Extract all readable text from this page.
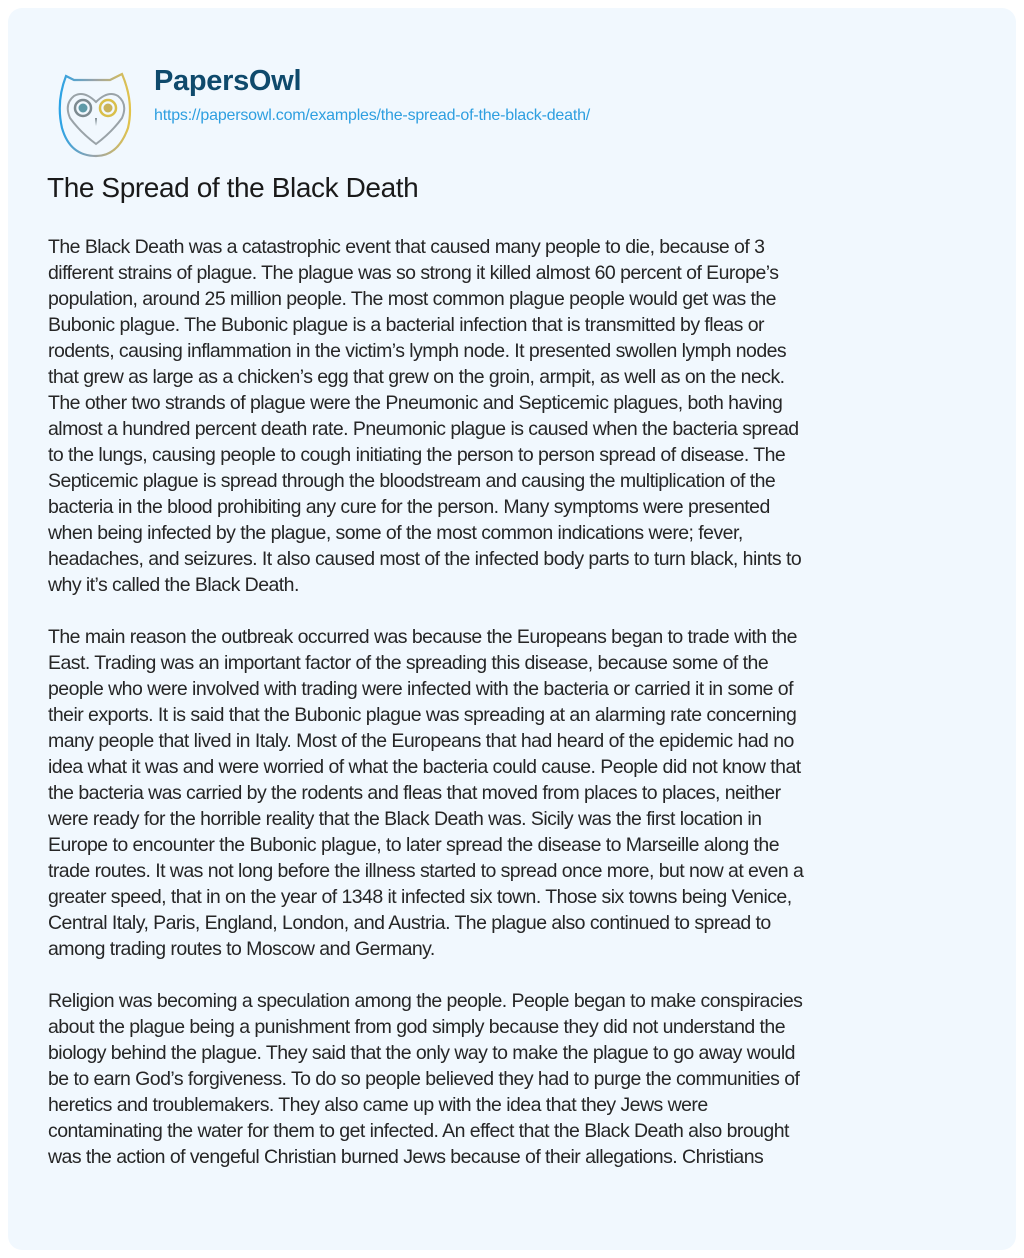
PapersOwl
https://papersowl.com/examples/the-spread-of-the-black-death/
The Spread of the Black Death

The Black Death was a catastrophic event that caused many people to die, because of 3
different strains of plague. The plague was so strong it killed almost 60 percent of Europe’s
population, around 25 million people. The most common plague people would get was the
Bubonic plague. The Bubonic plague is a bacterial infection that is transmitted by fleas or
rodents, causing inflammation in the victim’s lymph node. It presented swollen lymph nodes
that grew as large as a chicken’s egg that grew on the groin, armpit, as well as on the neck.
The other two strands of plague were the Pneumonic and Septicemic plagues, both having
almost a hundred percent death rate. Pneumonic plague is caused when the bacteria spread
to the lungs, causing people to cough initiating the person to person spread of disease. The
Septicemic plague is spread through the bloodstream and causing the multiplication of the
bacteria in the blood prohibiting any cure for the person. Many symptoms were presented
when being infected by the plague, some of the most common indications were; fever,
headaches, and seizures. It also caused most of the infected body parts to turn black, hints to
why it’s called the Black Death.

The main reason the outbreak occurred was because the Europeans began to trade with the
East. Trading was an important factor of the spreading this disease, because some of the
people who were involved with trading were infected with the bacteria or carried it in some of
their exports. It is said that the Bubonic plague was spreading at an alarming rate concerning
many people that lived in Italy. Most of the Europeans that had heard of the epidemic had no
idea what it was and were worried of what the bacteria could cause. People did not know that
the bacteria was carried by the rodents and fleas that moved from places to places, neither
were ready for the horrible reality that the Black Death was. Sicily was the first location in
Europe to encounter the Bubonic plague, to later spread the disease to Marseille along the
trade routes. It was not long before the illness started to spread once more, but now at even a
greater speed, that in on the year of 1348 it infected six town. Those six towns being Venice,
Central Italy, Paris, England, London, and Austria. The plague also continued to spread to
among trading routes to Moscow and Germany.

Religion was becoming a speculation among the people. People began to make conspiracies
about the plague being a punishment from god simply because they did not understand the
biology behind the plague. They said that the only way to make the plague to go away would
be to earn God’s forgiveness. To do so people believed they had to purge the communities of
heretics and troublemakers. They also came up with the idea that they Jews were
contaminating the water for them to get infected. An effect that the Black Death also brought
was the action of vengeful Christian burned Jews because of their allegations. Christians
